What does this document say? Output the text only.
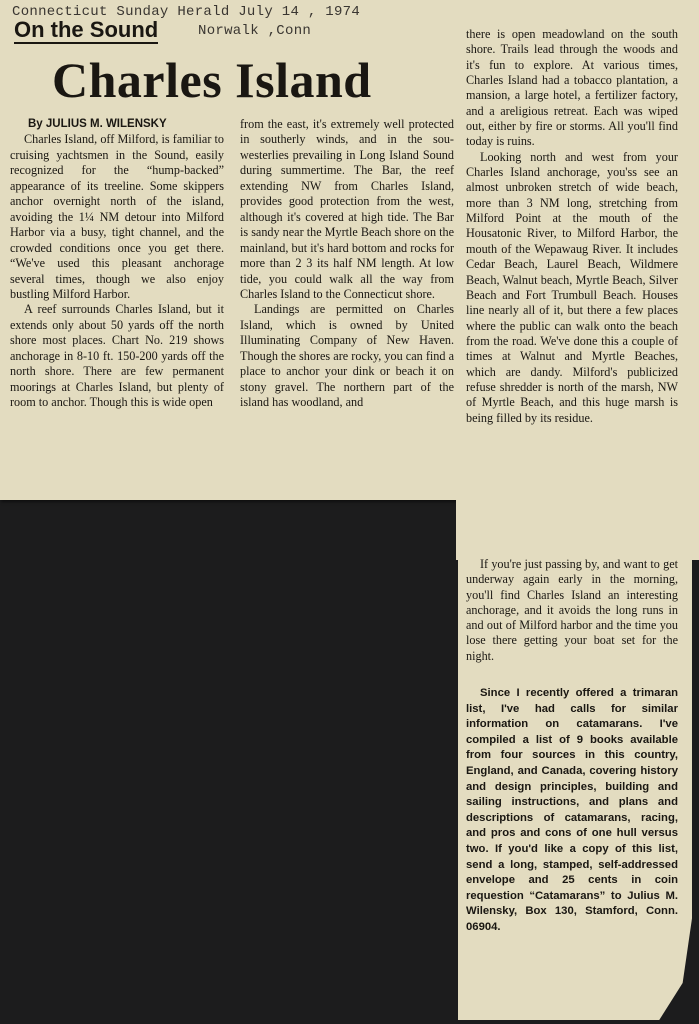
Connecticut Sunday Herald July 14 , 1974
Norwalk ,Conn
On the Sound
Charles Island

By JULIUS M. WILENSKY

Charles Island, off Milford, is familiar to cruising yachtsmen in the Sound, easily recognized for the “hump-backed” appearance of its treeline. Some skippers anchor overnight north of the island, avoiding the 1¼ NM detour into Milford Harbor via a busy, tight channel, and the crowded conditions once you get there. “We've used this pleasant anchorage several times, though we also enjoy bustling Milford Harbor.

A reef surrounds Charles Island, but it extends only about 50 yards off the north shore most places. Chart No. 219 shows anchorage in 8-10 ft. 150-200 yards off the north shore. There are few permanent moorings at Charles Island, but plenty of room to anchor. Though this is wide open

from the east, it's extremely well protected in southerly winds, and in the sou-westerlies prevailing in Long Island Sound during summertime. The Bar, the reef extending NW from Charles Island, provides good protection from the west, although it's covered at high tide. The Bar is sandy near the Myrtle Beach shore on the mainland, but it's hard bottom and rocks for more than 2 3 its half NM length. At low tide, you could walk all the way from Charles Island to the Connecticut shore.

Landings are permitted on Charles Island, which is owned by United Illuminating Company of New Haven. Though the shores are rocky, you can find a place to anchor your dink or beach it on stony gravel. The northern part of the island has woodland, and

there is open meadowland on the south shore. Trails lead through the woods and it's fun to explore. At various times, Charles Island had a tobacco plantation, a mansion, a large hotel, a fertilizer factory, and a areligious retreat. Each was wiped out, either by fire or storms. All you'll find today is ruins.

Looking north and west from your Charles Island anchorage, you'ss see an almost unbroken stretch of wide beach, more than 3 NM long, stretching from Milford Point at the mouth of the Housatonic River, to Milford Harbor, the mouth of the Wepawaug River. It includes Cedar Beach, Laurel Beach, Wildmere Beach, Walnut beach, Myrtle Beach, Silver Beach and Fort Trumbull Beach. Houses line nearly all of it, but there a few places where the public can walk onto the beach from the road. We've done this a couple of times at Walnut and Myrtle Beaches, which are dandy. Milford's publicized refuse shredder is north of the marsh, NW of Myrtle Beach, and this huge marsh is being filled by its residue.

If you're just passing by, and want to get underway again early in the morning, you'll find Charles Island an interesting anchorage, and it avoids the long runs in and out of Milford harbor and the time you lose there getting your boat set for the night.

Since I recently offered a trimaran list, I've had calls for similar information on catamarans. I've compiled a list of 9 books available from four sources in this country, England, and Canada, covering history and design principles, building and sailing instructions, and plans and descriptions of catamarans, racing, and pros and cons of one hull versus two. If you'd like a copy of this list, send a long, stamped, self-addressed envelope and 25 cents in coin requestion “Catamarans” to Julius M. Wilensky, Box 130, Stamford, Conn. 06904.
